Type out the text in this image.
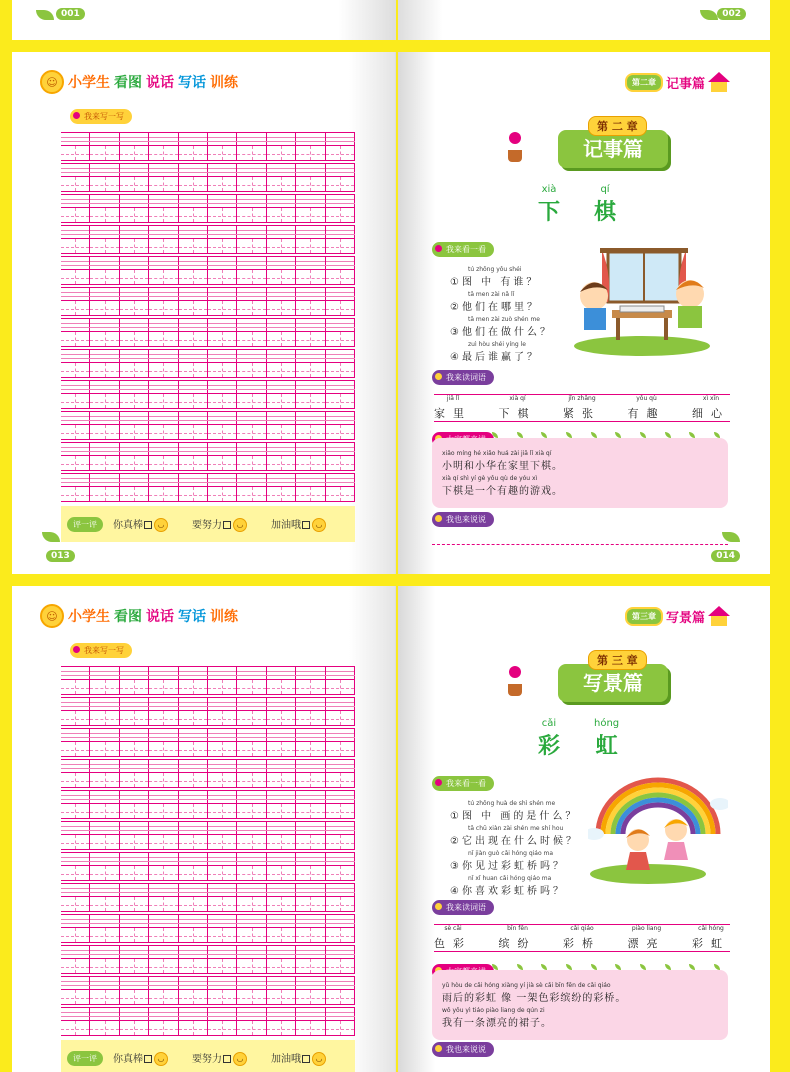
001	002
☺ 小学生 看图 说话 写话 训练
我来写一写
评一评	你真棒 ◡	要努力 ◡	加油哦 ◡
013
第二章 记事篇
第 二 章
记事篇
xià
下
qí
棋
我来看一看
tú zhōng yǒu shéi
①图 中 有谁？
tā men zài nǎ lǐ
②他们在哪里？
tā men zài zuò shén me
③他们在做什么？
zuì hòu shéi yíng le
④最后谁赢了？
我来读词语
jiā lǐ
家里
xià qí
下棋
jǐn zhāng
紧张
yǒu qù
有趣
xì xīn
细心
xiǎo míng hé xiǎo huá zài jiā lǐ xià qí
小明和小华在家里下棋。
xià qí shì yí gè yǒu qù de yóu xì
下棋是一个有趣的游戏。
我也来说说
014
☺ 小学生 看图 说话 写话 训练
我来写一写
评一评	你真棒 ◡	要努力 ◡	加油哦 ◡
第三章 写景篇
第 三 章
写景篇
cǎi
彩
hóng
虹
我来看一看
tú zhōng huà de shì shén me
①图 中 画的是什么？
tā chū xiàn zài shén me shí hou
②它出现在什么时候？
nǐ jiàn guò cǎi hóng qiáo ma
③你见过彩虹桥吗？
nǐ xǐ huan cǎi hóng qiáo ma
④你喜欢彩虹桥吗？
我来读词语
sè cǎi
色彩
bīn fēn
缤纷
cǎi qiáo
彩桥
piào liang
漂亮
cǎi hóng
彩虹
yǔ hòu de cǎi hóng xiàng yí jià sè cǎi bīn fēn de cǎi qiáo
雨后的彩虹 像 一架色彩缤纷的彩桥。
wǒ yǒu yì tiáo piào liang de qún zi
我有一条漂亮的裙子。
我也来说说
